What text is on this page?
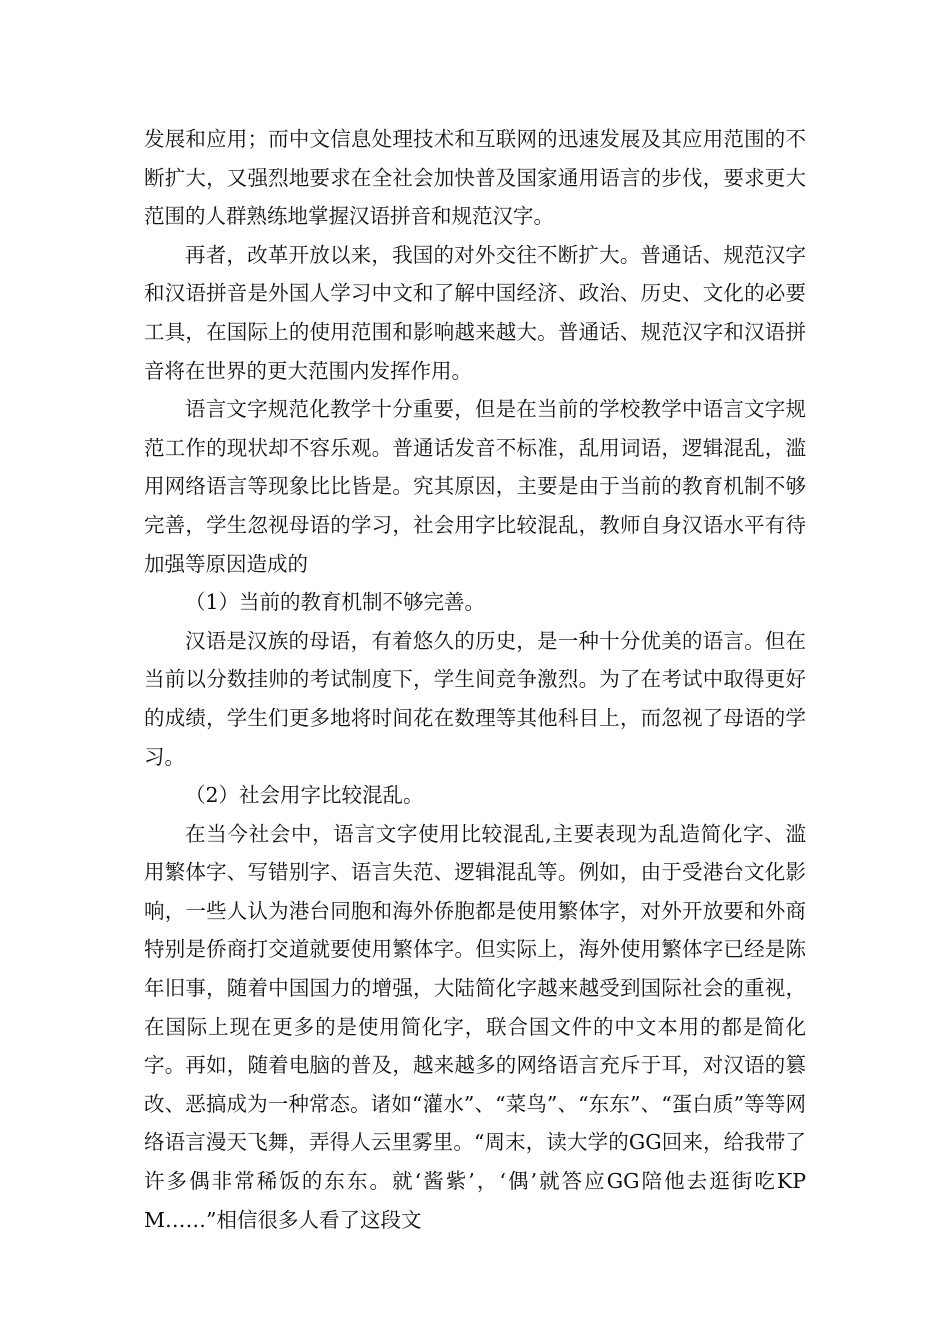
发展和应用；而中文信息处理技术和互联网的迅速发展及其应用范围的不断扩大，又强烈地要求在全社会加快普及国家通用语言的步伐，要求更大范围的人群熟练地掌握汉语拼音和规范汉字。

再者，改革开放以来，我国的对外交往不断扩大。普通话、规范汉字和汉语拼音是外国人学习中文和了解中国经济、政治、历史、文化的必要工具，在国际上的使用范围和影响越来越大。普通话、规范汉字和汉语拼音将在世界的更大范围内发挥作用。

语言文字规范化教学十分重要，但是在当前的学校教学中语言文字规范工作的现状却不容乐观。普通话发音不标准，乱用词语，逻辑混乱，滥用网络语言等现象比比皆是。究其原因，主要是由于当前的教育机制不够完善，学生忽视母语的学习，社会用字比较混乱，教师自身汉语水平有待加强等原因造成的

（1）当前的教育机制不够完善。

汉语是汉族的母语，有着悠久的历史，是一种十分优美的语言。但在当前以分数挂帅的考试制度下，学生间竞争激烈。为了在考试中取得更好的成绩，学生们更多地将时间花在数理等其他科目上，而忽视了母语的学习。

（2）社会用字比较混乱。

在当今社会中，语言文字使用比较混乱,主要表现为乱造简化字、滥用繁体字、写错别字、语言失范、逻辑混乱等。例如，由于受港台文化影响，一些人认为港台同胞和海外侨胞都是使用繁体字，对外开放要和外商特别是侨商打交道就要使用繁体字。但实际上，海外使用繁体字已经是陈年旧事，随着中国国力的增强，大陆简化字越来越受到国际社会的重视，在国际上现在更多的是使用简化字，联合国文件的中文本用的都是简化字。再如，随着电脑的普及，越来越多的网络语言充斥于耳，对汉语的篡改、恶搞成为一种常态。诸如“灌水”、“菜鸟”、“东东”、“蛋白质”等等网络语言漫天飞舞，弄得人云里雾里。“周末，读大学的GG回来，给我带了许多偶非常稀饭的东东。就‘酱紫’，‘偶’就答应GG陪他去逛街吃KPM……”相信很多人看了这段文
